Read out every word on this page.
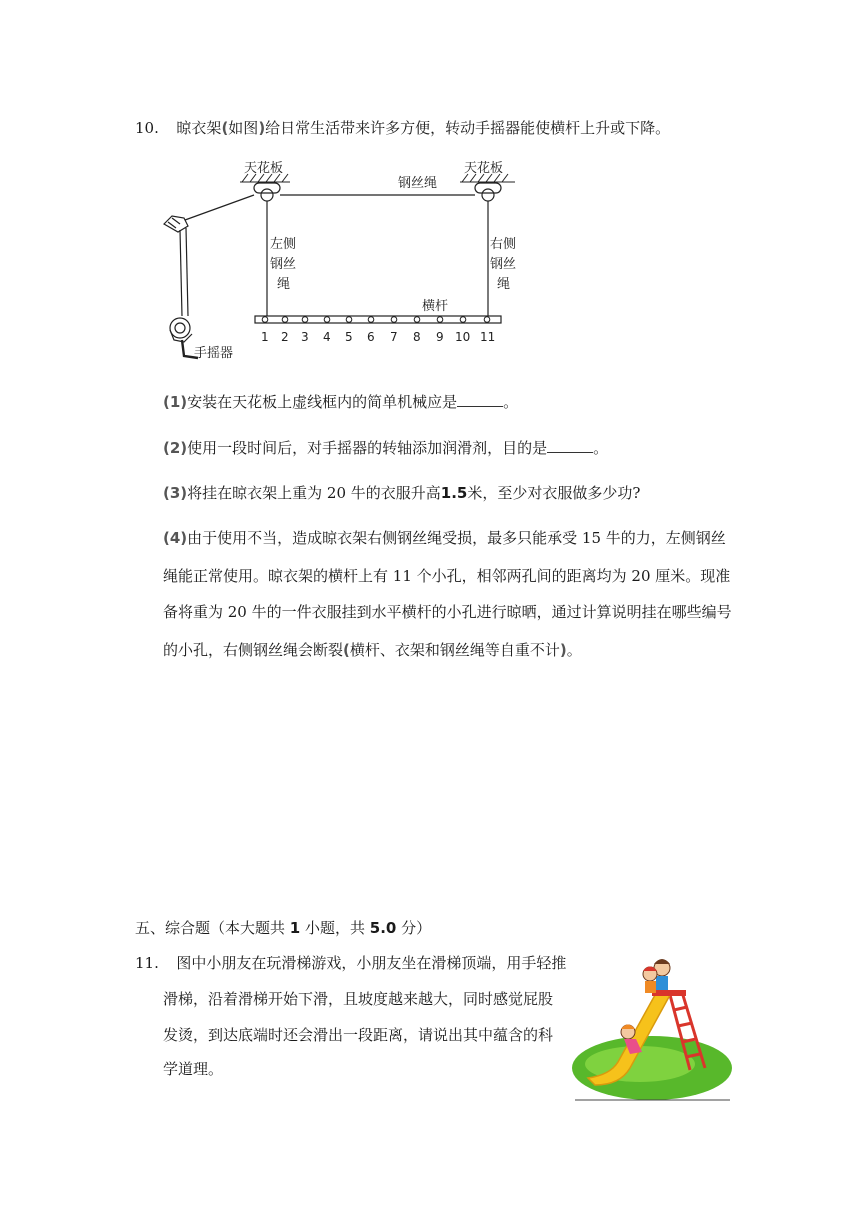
10. 晾衣架(如图)给日常生活带来许多方便，转动手摇器能使横杆上升或下降。
天花板	天花板
钢丝绳
左侧
钢丝
绳
右侧
钢丝
绳
横杆
1 2 3 4 5 6 7 8 9 10 11
手摇器
(1)安装在天花板上虚线框内的简单机械应是	。
(2)使用一段时间后，对手摇器的转轴添加润滑剂，目的是	。
(3)将挂在晾衣架上重为 20 牛的衣服升高1.5米，至少对衣服做多少功?
(4)由于使用不当，造成晾衣架右侧钢丝绳受损，最多只能承受 15 牛的力，左侧钢丝
绳能正常使用。晾衣架的横杆上有 11 个小孔，相邻两孔间的距离均为 20 厘米。现准
备将重为 20 牛的一件衣服挂到水平横杆的小孔进行晾晒，通过计算说明挂在哪些编号
的小孔，右侧钢丝绳会断裂(横杆、衣架和钢丝绳等自重不计)。
五、综合题（本大题共 1 小题，共 5.0 分）
11. 图中小朋友在玩滑梯游戏，小朋友坐在滑梯顶端，用手轻推
滑梯，沿着滑梯开始下滑，且坡度越来越大，同时感觉屁股
发烫，到达底端时还会滑出一段距离，请说出其中蕴含的科
学道理。
